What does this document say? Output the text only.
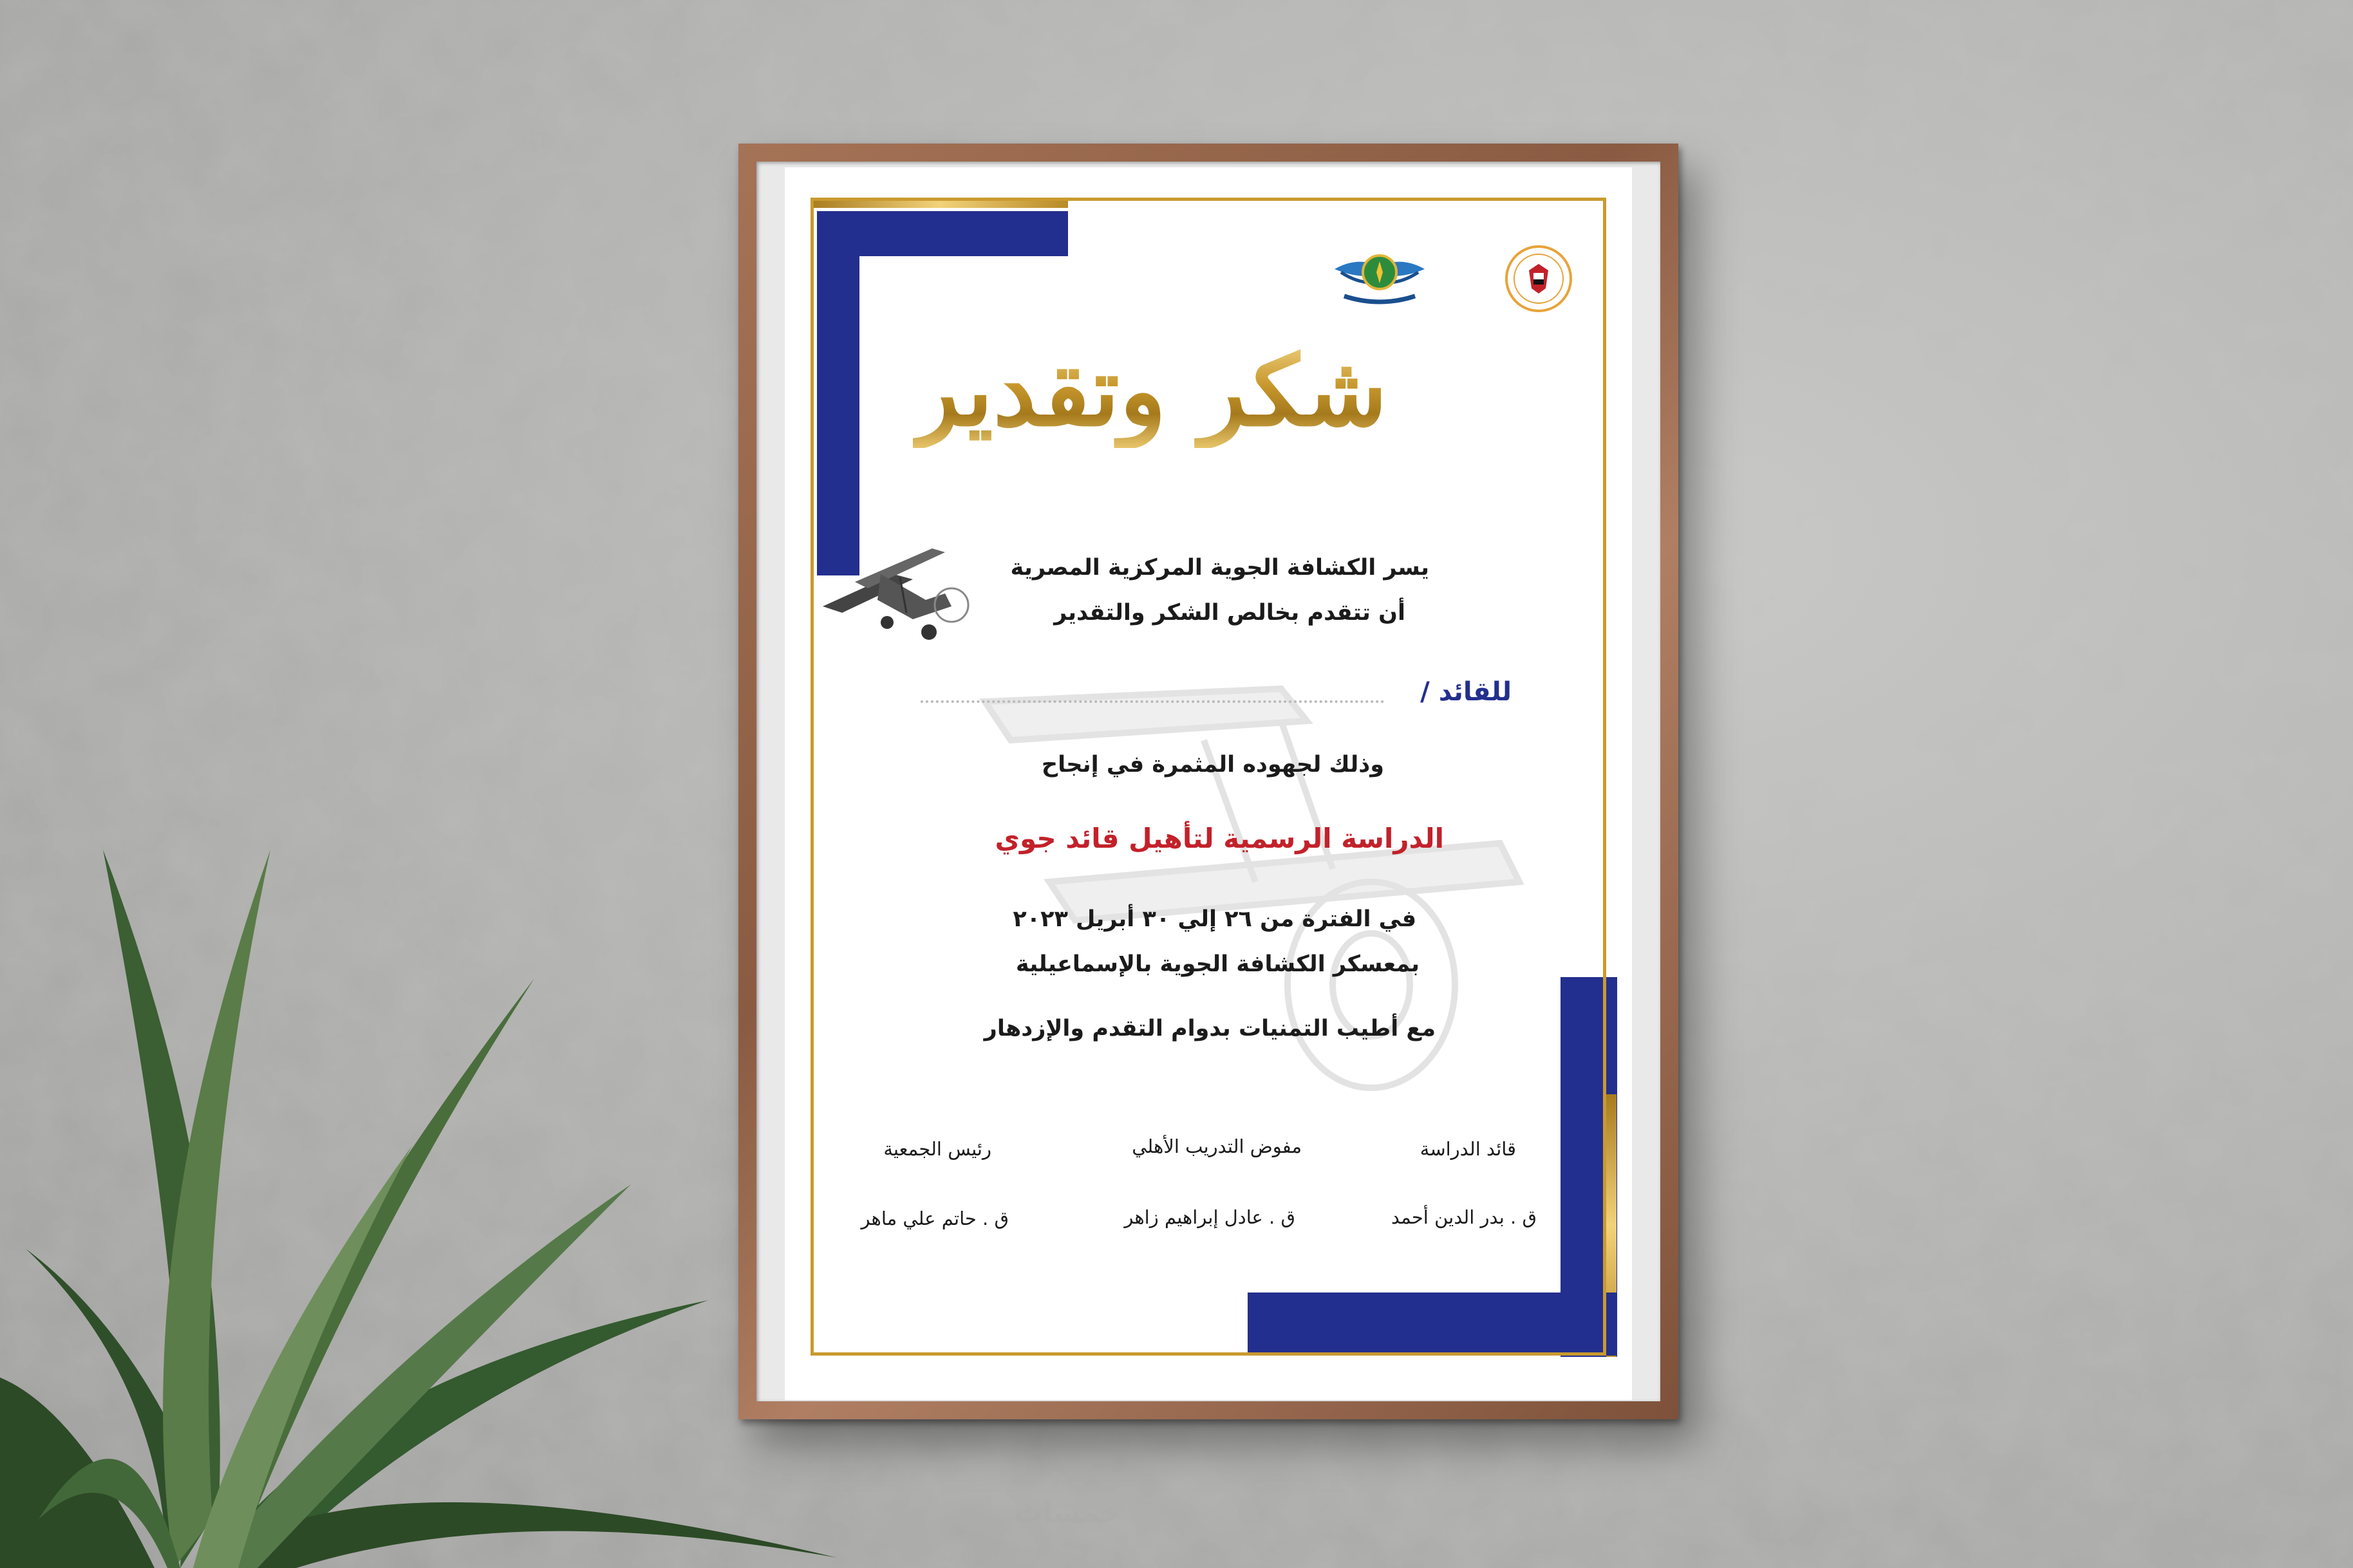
شكر وتقدير
يسر الكشافة الجوية المركزية المصرية
أن تتقدم بخالص الشكر والتقدير
للقائد /
وذلك لجهوده المثمرة في إنجاح
الدراسة الرسمية لتأهيل قائد جوي
في الفترة من ٢٦ إلي ٣٠ أبريل ٢٠٢٣
بمعسكر الكشافة الجوية بالإسماعيلية
مع أطيب التمنيات بدوام التقدم والإزدهار
قائد الدراسة
ق . بدر الدين أحمد
مفوض التدريب الأهلي
ق . عادل إبراهيم زاهر
رئيس الجمعية
ق . حاتم علي ماهر
خمسات
